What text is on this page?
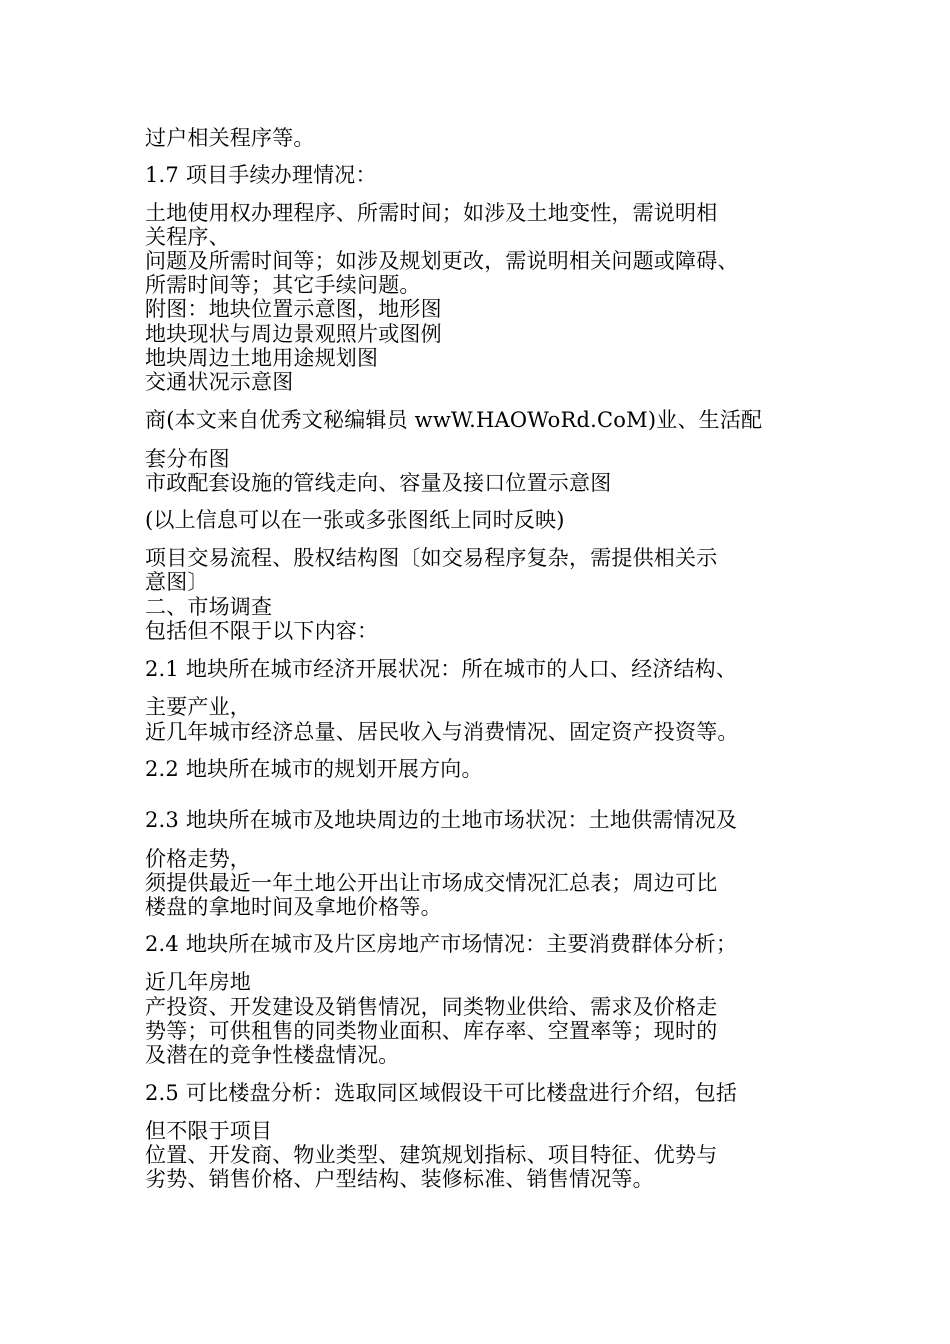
过户相关程序等。
1.7 项目手续办理情况：
土地使用权办理程序、所需时间；如涉及土地变性，需说明相
关程序、
问题及所需时间等；如涉及规划更改，需说明相关问题或障碍、
所需时间等；其它手续问题。
附图：地块位置示意图，地形图
地块现状与周边景观照片或图例
地块周边土地用途规划图
交通状况示意图
商(本文来自优秀文秘编辑员 wwW.HAOWoRd.CoM)业、生活配
套分布图
市政配套设施的管线走向、容量及接口位置示意图
(以上信息可以在一张或多张图纸上同时反映)
项目交易流程、股权结构图〔如交易程序复杂，需提供相关示
意图〕
二、市场调查
包括但不限于以下内容：
2.1 地块所在城市经济开展状况：所在城市的人口、经济结构、
主要产业，
近几年城市经济总量、居民收入与消费情况、固定资产投资等。
2.2 地块所在城市的规划开展方向。
2.3 地块所在城市及地块周边的土地市场状况：土地供需情况及
价格走势，
须提供最近一年土地公开出让市场成交情况汇总表；周边可比
楼盘的拿地时间及拿地价格等。
2.4 地块所在城市及片区房地产市场情况：主要消费群体分析；
近几年房地
产投资、开发建设及销售情况，同类物业供给、需求及价格走
势等；可供租售的同类物业面积、库存率、空置率等；现时的
及潜在的竞争性楼盘情况。
2.5 可比楼盘分析：选取同区域假设干可比楼盘进行介绍，包括
但不限于项目
位置、开发商、物业类型、建筑规划指标、项目特征、优势与
劣势、销售价格、户型结构、装修标准、销售情况等。
